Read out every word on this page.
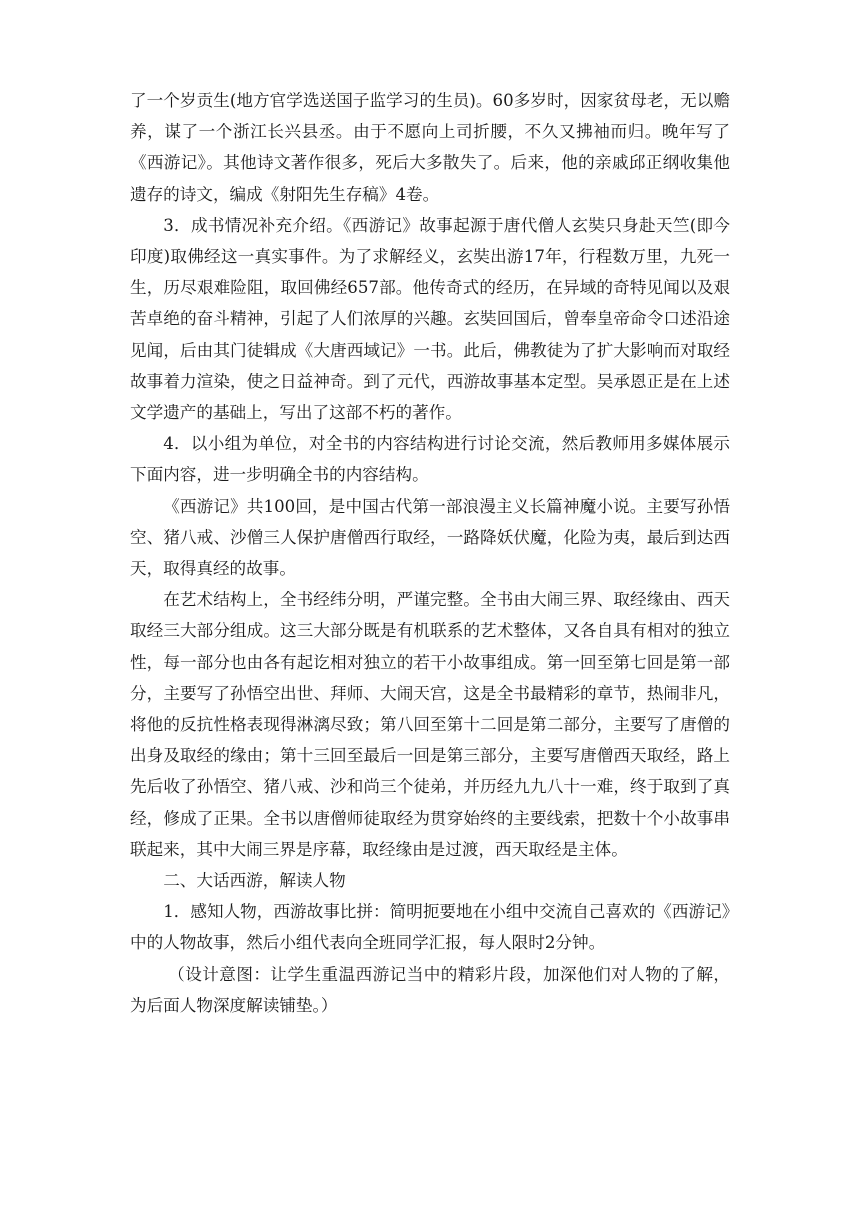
了一个岁贡生(地方官学选送国子监学习的生员)。60多岁时，因家贫母老，无以赡养，谋了一个浙江长兴县丞。由于不愿向上司折腰，不久又拂袖而归。晚年写了《西游记》。其他诗文著作很多，死后大多散失了。后来，他的亲戚邱正纲收集他遗存的诗文，编成《射阳先生存稿》4卷。

3．成书情况补充介绍。《西游记》故事起源于唐代僧人玄奘只身赴天竺(即今印度)取佛经这一真实事件。为了求解经义，玄奘出游17年，行程数万里，九死一生，历尽艰难险阻，取回佛经657部。他传奇式的经历，在异域的奇特见闻以及艰苦卓绝的奋斗精神，引起了人们浓厚的兴趣。玄奘回国后，曾奉皇帝命令口述沿途见闻，后由其门徒辑成《大唐西域记》一书。此后，佛教徒为了扩大影响而对取经故事着力渲染，使之日益神奇。到了元代，西游故事基本定型。吴承恩正是在上述文学遗产的基础上，写出了这部不朽的著作。

4．以小组为单位，对全书的内容结构进行讨论交流，然后教师用多媒体展示下面内容，进一步明确全书的内容结构。

《西游记》共100回，是中国古代第一部浪漫主义长篇神魔小说。主要写孙悟空、猪八戒、沙僧三人保护唐僧西行取经，一路降妖伏魔，化险为夷，最后到达西天，取得真经的故事。

在艺术结构上，全书经纬分明，严谨完整。全书由大闹三界、取经缘由、西天取经三大部分组成。这三大部分既是有机联系的艺术整体，又各自具有相对的独立性，每一部分也由各有起讫相对独立的若干小故事组成。第一回至第七回是第一部分，主要写了孙悟空出世、拜师、大闹天宫，这是全书最精彩的章节，热闹非凡，将他的反抗性格表现得淋漓尽致；第八回至第十二回是第二部分，主要写了唐僧的出身及取经的缘由；第十三回至最后一回是第三部分，主要写唐僧西天取经，路上先后收了孙悟空、猪八戒、沙和尚三个徒弟，并历经九九八十一难，终于取到了真经，修成了正果。全书以唐僧师徒取经为贯穿始终的主要线索，把数十个小故事串联起来，其中大闹三界是序幕，取经缘由是过渡，西天取经是主体。

二、大话西游，解读人物

1．感知人物，西游故事比拼：简明扼要地在小组中交流自己喜欢的《西游记》中的人物故事，然后小组代表向全班同学汇报，每人限时2分钟。

（设计意图：让学生重温西游记当中的精彩片段，加深他们对人物的了解，为后面人物深度解读铺垫。）
